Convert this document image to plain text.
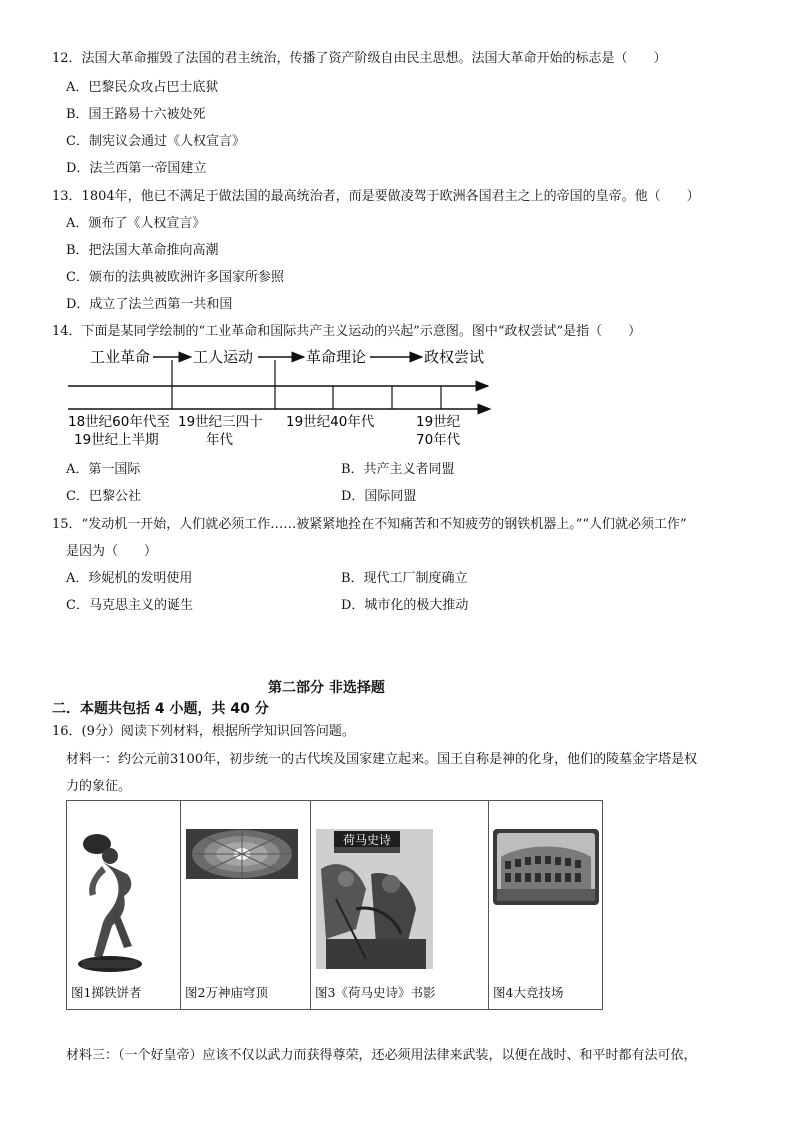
12．法国大革命摧毁了法国的君主统治，传播了资产阶级自由民主思想。法国大革命开始的标志是（　　）
A．巴黎民众攻占巴士底狱
B．国王路易十六被处死
C．制宪议会通过《人权宣言》
D．法兰西第一帝国建立
13．1804年，他已不满足于做法国的最高统治者，而是要做凌驾于欧洲各国君主之上的帝国的皇帝。他（　　）
A．颁布了《人权宣言》
B．把法国大革命推向高潮
C．颁布的法典被欧洲许多国家所参照
D．成立了法兰西第一共和国
14．下面是某同学绘制的“工业革命和国际共产主义运动的兴起”示意图。图中“政权尝试”是指（　　）
工业革命	工人运动	革命理论	政权尝试
18世纪60年代至
19世纪上半期
19世纪三四十
年代
19世纪40年代	19世纪
70年代
A．第一国际	B．共产主义者同盟
C．巴黎公社	D．国际同盟
15．“发动机一开始，人们就必须工作……被紧紧地拴在不知痛苦和不知疲劳的钢铁机器上。”“人们就必须工作”
是因为（　　）
A．珍妮机的发明使用	B．现代工厂制度确立
C．马克思主义的诞生	D．城市化的极大推动
第二部分 非选择题
二．本题共包括 4 小题，共 40 分
16．(9分）阅读下列材料，根据所学知识回答问题。
材料一：约公元前3100年，初步统一的古代埃及国家建立起来。国王自称是神的化身，他们的陵墓金字塔是权
力的象征。
图1掷铁饼者	图2万神庙穹顶

荷马史诗
图3《荷马史诗》书影	图4大竞技场
材料三：（一个好皇帝）应该不仅以武力而获得尊荣，还必须用法律来武装，以便在战时、和平时都有法可依，
